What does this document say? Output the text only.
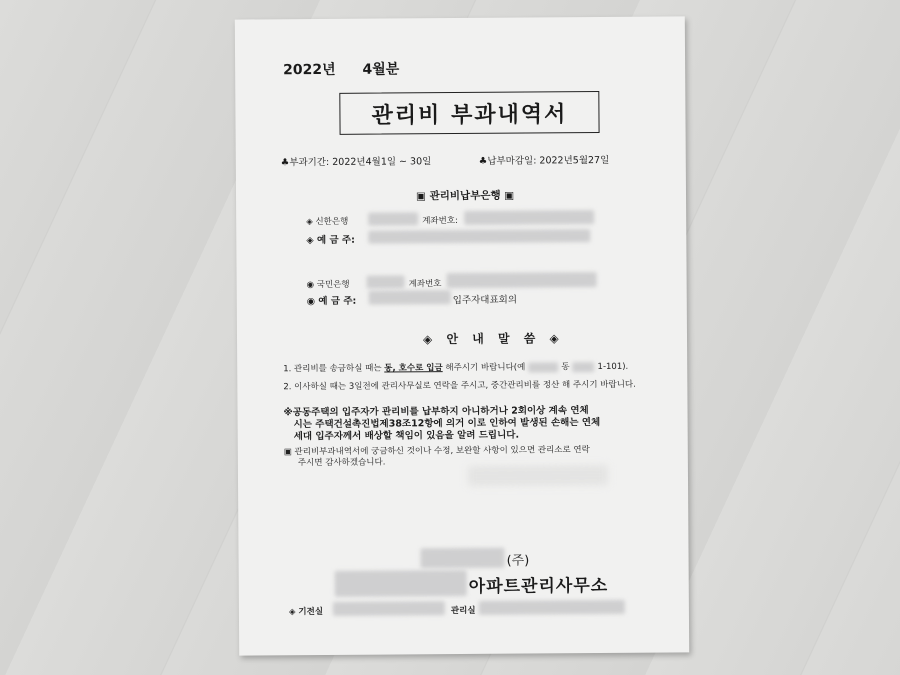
2022년 4월분
관리비 부과내역서
♣부과기간: 2022년4월1일 ~ 30일	♣납부마감일: 2022년5월27일
▣ 관리비납부은행 ▣
◈ 신한은행	계좌번호:
◈ 예 금 주:
◉ 국민은행	계좌번호
◉ 예 금 주:	입주자대표회의
◈ 안 내 말 씀 ◈
1. 관리비를 송금하실 때는 동, 호수로 입금 해주시기 바랍니다(예	동	1-101).
2. 이사하실 때는 3일전에 관리사무실로 연락을 주시고, 중간관리비를 정산 해 주시기 바랍니다.
※공동주택의 입주자가 관리비를 납부하지 아니하거나 2회이상 계속 연체
시는 주택건설촉진법제38조12항에 의거 이로 인하여 발생된 손해는 연체
세대 입주자께서 배상할 책임이 있음을 알려 드립니다.
▣ 관리비부과내역서에 궁금하신 것이나 수정, 보완할 사항이 있으면 관리소로 연락
주시면 감사하겠습니다.
(주)
아파트관리사무소
◈ 기전실	관리실
